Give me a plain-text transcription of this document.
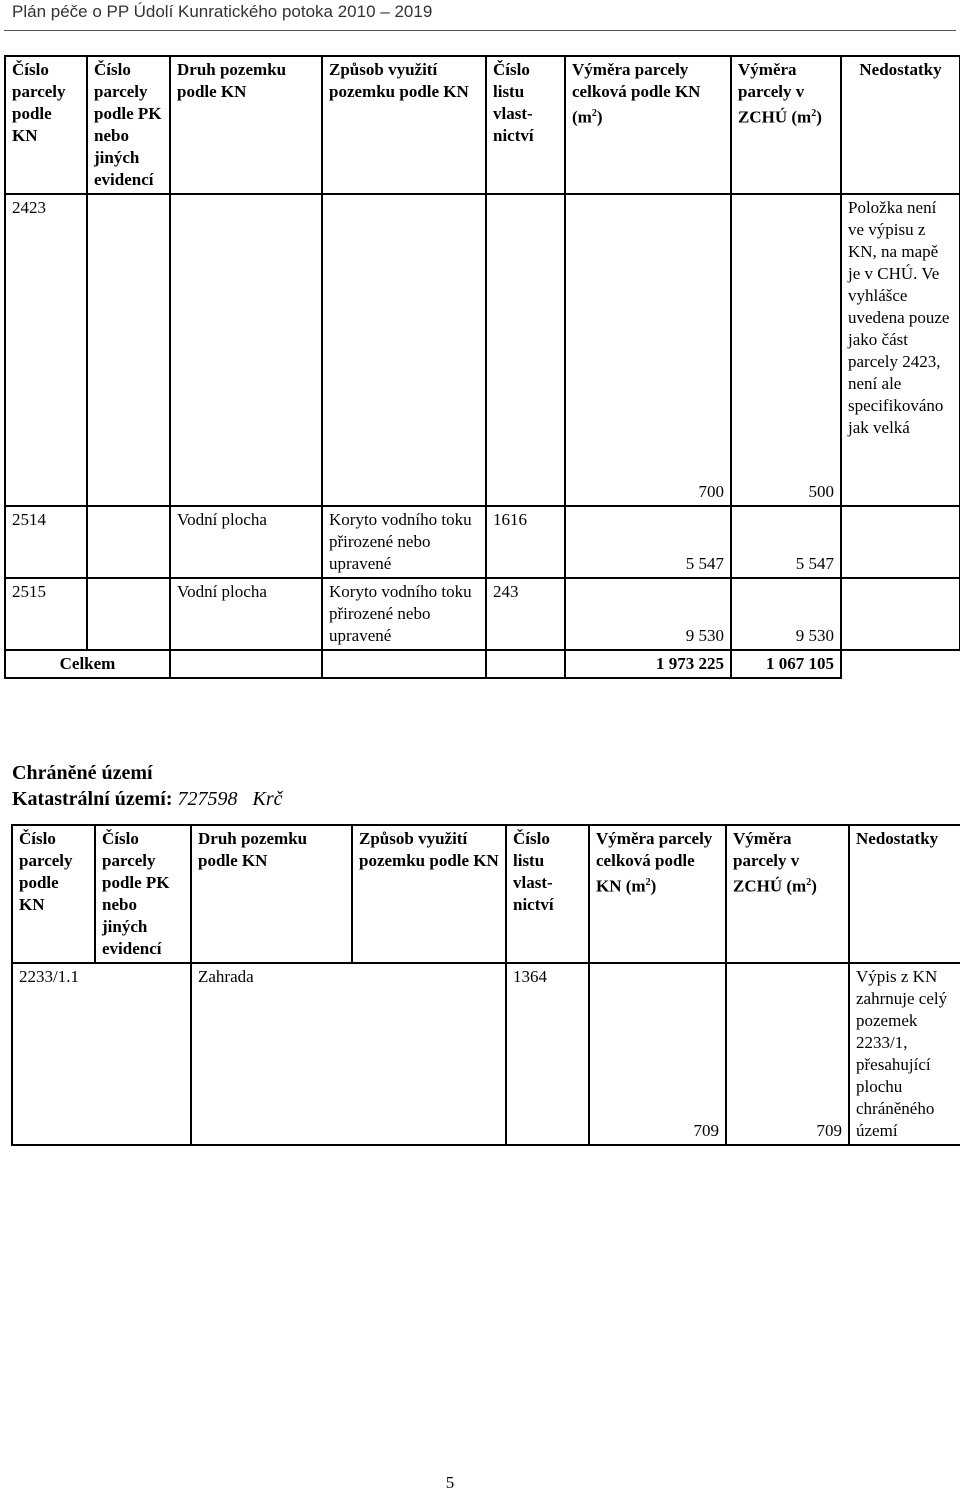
Plán péče o PP Údolí Kunratického potoka 2010 – 2019
Číslo parcely podle KN	Číslo parcely podle PK nebo jiných evidencí	Druh pozemku podle KN	Způsob využití pozemku podle KN	Číslo listu vlast-nictví	Výměra parcely celková podle KN $(m^2)$	Výměra parcely v ZCHÚ $(m^2)$	Nedostatky
2423					700	500	Položka není ve výpisu z KN, na mapě je v CHÚ. Ve vyhlášce uvedena pouze jako část parcely 2423, není ale specifikováno jak velká
2514		Vodní plocha	Koryto vodního toku přirozené nebo upravené	1616	5 547	5 547	
2515		Vodní plocha	Koryto vodního toku přirozené nebo upravené	243	9 530	9 530	
Celkem					1 973 225	1 067 105	
Chráněné území
Katastrální území: 727598   Krč
Číslo parcely podle KN	Číslo parcely podle PK nebo jiných evidencí	Druh pozemku podle KN	Způsob využití pozemku podle KN	Číslo listu vlast-nictví	Výměra parcely celková podle KN $(m^2)$	Výměra parcely v ZCHÚ $(m^2)$	Nedostatky
2233/1.1		Zahrada		1364	709	709	Výpis z KN zahrnuje celý pozemek 2233/1, přesahující plochu chráněného území
5
